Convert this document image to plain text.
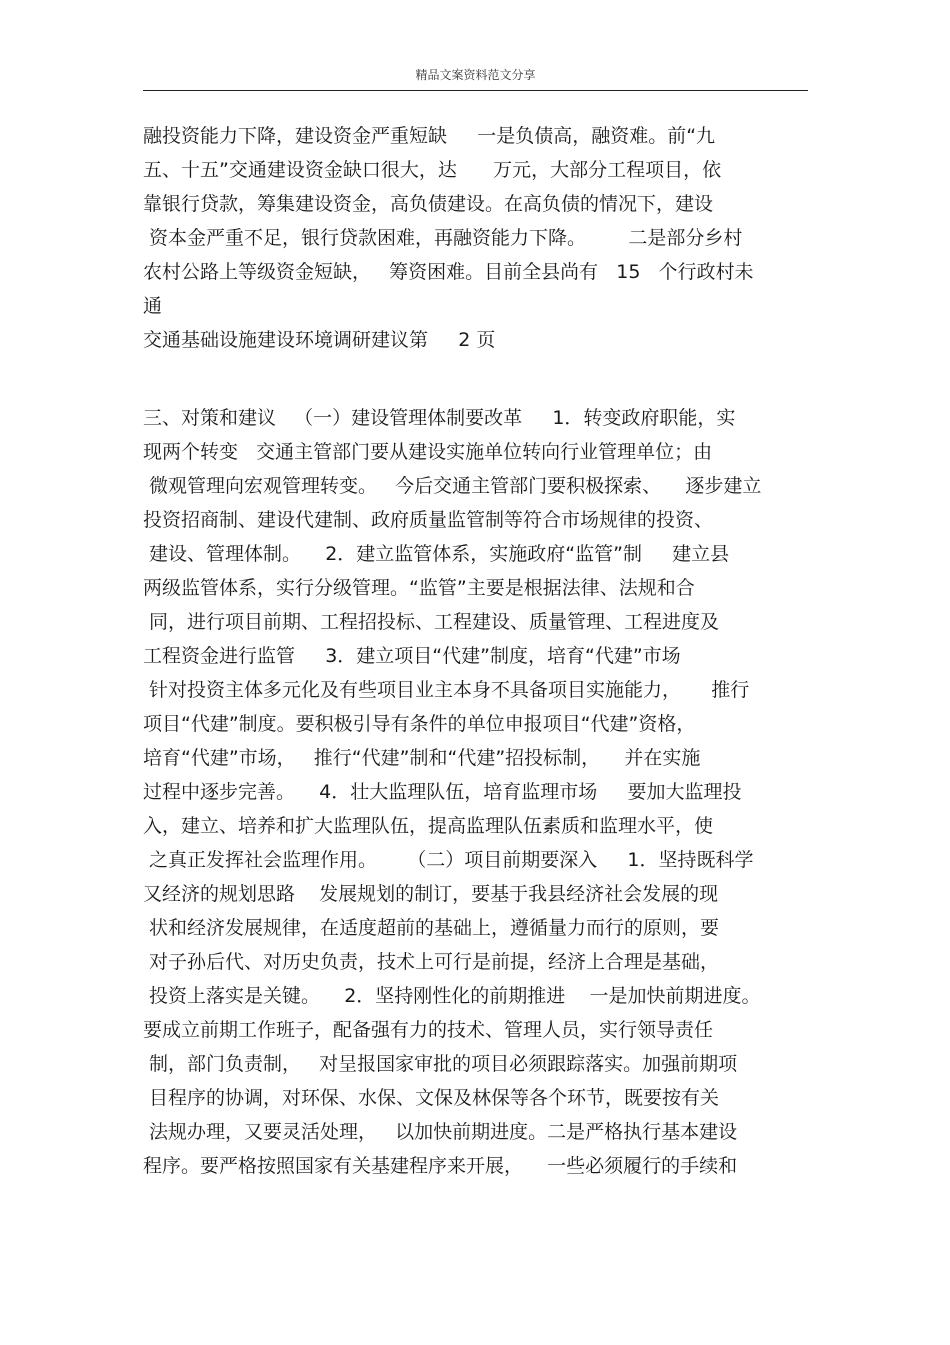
精品文案资料范文分享
融投资能力下降，建设资金严重短缺     一是负债高，融资难。前“九
五、十五”交通建设资金缺口很大，达      万元，大部分工程项目，依
靠银行贷款，筹集建设资金，高负债建设。在高负债的情况下，建设
资本金严重不足，银行贷款困难，再融资能力下降。       二是部分乡村
农村公路上等级资金短缺，   筹资困难。目前全县尚有   15   个行政村未
通
交通基础设施建设环境调研建议第     2 页
三、对策和建议   （一）建设管理体制要改革     1．转变政府职能，实
现两个转变   交通主管部门要从建设实施单位转向行业管理单位；由
微观管理向宏观管理转变。   今后交通主管部门要积极探索、    逐步建立
投资招商制、建设代建制、政府质量监管制等符合市场规律的投资、
建设、管理体制。    2．建立监管体系，实施政府“监管”制     建立县
两级监管体系，实行分级管理。“监管”主要是根据法律、法规和合
同，进行项目前期、工程招投标、工程建设、质量管理、工程进度及
工程资金进行监管     3．建立项目“代建”制度，培育“代建”市场
针对投资主体多元化及有些项目业主本身不具备项目实施能力，     推行
项目“代建”制度。要积极引导有条件的单位申报项目“代建”资格，
培育“代建”市场，   推行“代建”制和“代建”招投标制，    并在实施
过程中逐步完善。    4．壮大监理队伍，培育监理市场     要加大监理投
入，建立、培养和扩大监理队伍，提高监理队伍素质和监理水平，使
之真正发挥社会监理作用。     （二）项目前期要深入     1．坚持既科学
又经济的规划思路    发展规划的制订，要基于我县经济社会发展的现
状和经济发展规律，在适度超前的基础上，遵循量力而行的原则，要
对子孙后代、对历史负责，技术上可行是前提，经济上合理是基础，
投资上落实是关键。    2．坚持刚性化的前期推进    一是加快前期进度。
要成立前期工作班子，配备强有力的技术、管理人员，实行领导责任
制，部门负责制，   对呈报国家审批的项目必须跟踪落实。加强前期项
目程序的协调，对环保、水保、文保及林保等各个环节，既要按有关
法规办理，又要灵活处理，   以加快前期进度。二是严格执行基本建设
程序。要严格按照国家有关基建程序来开展，    一些必须履行的手续和
